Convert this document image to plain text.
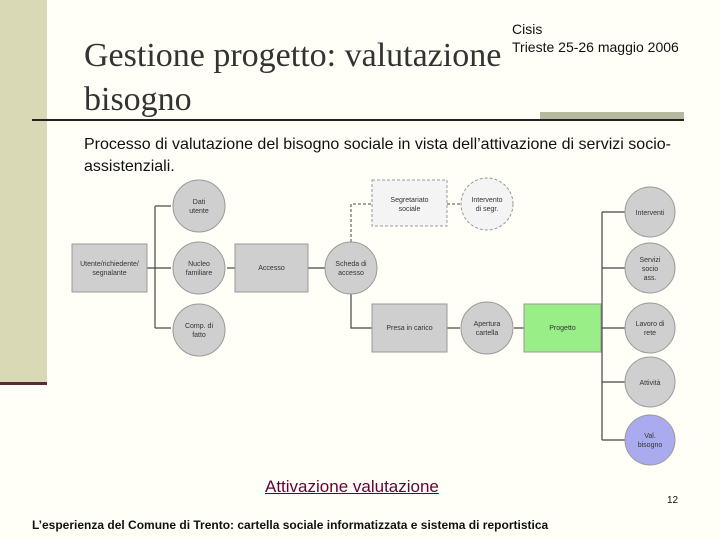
Cisis
Trieste 25-26 maggio 2006
Gestione progetto: valutazione
bisogno
Processo di valutazione del bisogno sociale in vista dell’attivazione di servizi socio-assistenziali.
Utente/richiedente/
segnalante
Dati
utente
Nucleo
familiare
Comp. di
fatto
Accesso
Scheda di
accesso
Segretariato
sociale
Intervento
di segr.
Presa in carico
Apertura
cartella
Progetto
Interventi
Servizi
socio
ass.
Lavoro di
rete
Attività
Val.
bisogno
Attivazione valutazione
12
L’esperienza del Comune di Trento: cartella sociale informatizzata e sistema di reportistica
